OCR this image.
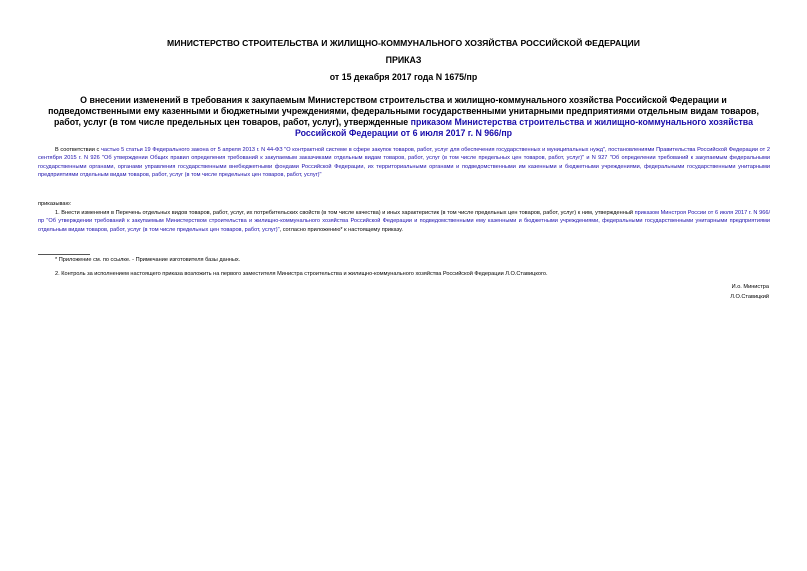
МИНИСТЕРСТВО СТРОИТЕЛЬСТВА И ЖИЛИЩНО-КОММУНАЛЬНОГО ХОЗЯЙСТВА РОССИЙСКОЙ ФЕДЕРАЦИИ
ПРИКАЗ
от 15 декабря 2017 года N 1675/пр
О внесении изменений в требования к закупаемым Министерством строительства и жилищно-коммунального хозяйства Российской Федерации и подведомственными ему казенными и бюджетными учреждениями, федеральными государственными унитарными предприятиями отдельным видам товаров, работ, услуг (в том числе предельных цен товаров, работ, услуг), утвержденные приказом Министерства строительства и жилищно-коммунального хозяйства Российской Федерации от 6 июля 2017 г. N 966/пр
В соответствии с частью 5 статьи 19 Федерального закона от 5 апреля 2013 г. N 44-ФЗ "О контрактной системе в сфере закупок товаров, работ, услуг для обеспечения государственных и муниципальных нужд", постановлениями Правительства Российской Федерации от 2 сентября 2015 г. N 926 "Об утверждении Общих правил определения требований к закупаемым заказчиками отдельным видам товаров, работ, услуг (в том числе предельных цен товаров, работ, услуг)" и N 927 "Об определении требований к закупаемым федеральными государственными органами, органами управления государственными внебюджетными фондами Российской Федерации, их территориальными органами и подведомственными им казенными и бюджетными учреждениями, федеральными государственными унитарными предприятиями отдельным видам товаров, работ, услуг (в том числе предельных цен товаров, работ, услуг)"
приказываю:
1. Внести изменения в Перечень отдельных видов товаров, работ, услуг, их потребительских свойств (в том числе качества) и иных характеристик (в том числе предельных цен товаров, работ, услуг) к ним, утвержденный приказом Минстроя России от 6 июля 2017 г. N 966/пр "Об утверждении требований к закупаемым Министерством строительства и жилищно-коммунального хозяйства Российской Федерации и подведомственными ему казенными и бюджетными учреждениями, федеральными государственными унитарными предприятиями отдельным видам товаров, работ, услуг (в том числе предельных цен товаров, работ, услуг)", согласно приложению* к настоящему приказу.
* Приложение см. по ссылке. - Примечание изготовителя базы данных.
2. Контроль за исполнением настоящего приказа возложить на первого заместителя Министра строительства и жилищно-коммунального хозяйства Российской Федерации Л.О.Ставицкого.
И.о. Министра
Л.О.Ставицкий
